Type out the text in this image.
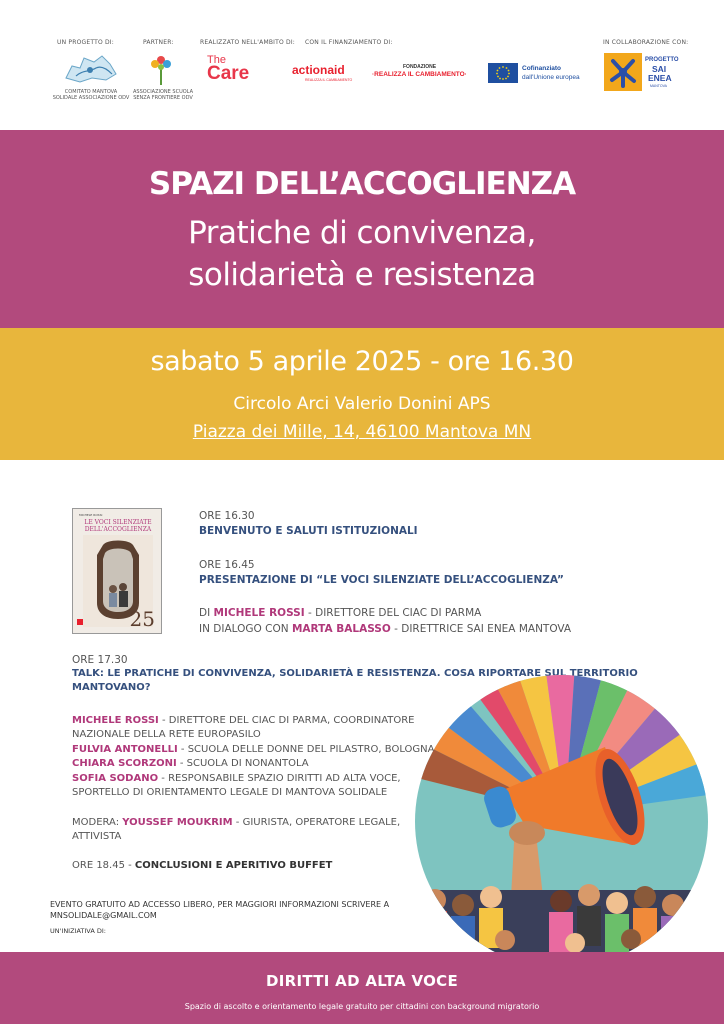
UN PROGETTO DI:
COMITATO MANTOVA SOLIDALE ASSOCIAZIONE ODV
PARTNER:
ASSOCIAZIONE SCUOLA SENZA FRONTIERE ODV
REALIZZATO NELL'AMBITO DI:
The
Care
CON IL FINANZIAMENTO DI:
actionaid
REALIZZA IL CAMBIAMENTO
FONDAZIONE
·REALIZZA IL CAMBIAMENTO·
Cofinanziato
dall'Unione europea
IN COLLABORAZIONE CON:
PROGETTO
SAI
ENEA
MANTOVA
SPAZI DELL’ACCOGLIENZA
Pratiche di convivenza,
solidarietà e resistenza
sabato 5 aprile 2025 - ore 16.30
Circolo Arci Valerio Donini APS
Piazza dei Mille, 14, 46100 Mantova MN
MICHELE ROSSI
LE VOCI SILENZIATE
DELL'ACCOGLIENZA
25
ORE 16.30
BENVENUTO E SALUTI ISTITUZIONALI
ORE 16.45
PRESENTAZIONE DI “LE VOCI SILENZIATE DELL’ACCOGLIENZA”
DI MICHELE ROSSI - DIRETTORE DEL CIAC DI PARMA
IN DIALOGO CON MARTA BALASSO - DIRETTRICE SAI ENEA MANTOVA
ORE 17.30
TALK: LE PRATICHE DI CONVIVENZA, SOLIDARIETÀ E RESISTENZA. COSA RIPORTARE SUL TERRITORIO
MANTOVANO?
MICHELE ROSSI - DIRETTORE DEL CIAC DI PARMA, COORDINATORE
NAZIONALE DELLA RETE EUROPASILO
FULVIA ANTONELLI - SCUOLA DELLE DONNE DEL PILASTRO, BOLOGNA
CHIARA SCORZONI - SCUOLA DI NONANTOLA
SOFIA SODANO - RESPONSABILE SPAZIO DIRITTI AD ALTA VOCE,
SPORTELLO DI ORIENTAMENTO LEGALE DI MANTOVA SOLIDALE
MODERA: YOUSSEF MOUKRIM - GIURISTA, OPERATORE LEGALE,
ATTIVISTA
ORE 18.45 - CONCLUSIONI E APERITIVO BUFFET
EVENTO GRATUITO AD ACCESSO LIBERO, PER MAGGIORI INFORMAZIONI SCRIVERE A
MNSOLIDALE@GMAIL.COM
UN'INIZIATIVA DI:
DIRITTI AD ALTA VOCE
Spazio di ascolto e orientamento legale gratuito per cittadini con background migratorio
